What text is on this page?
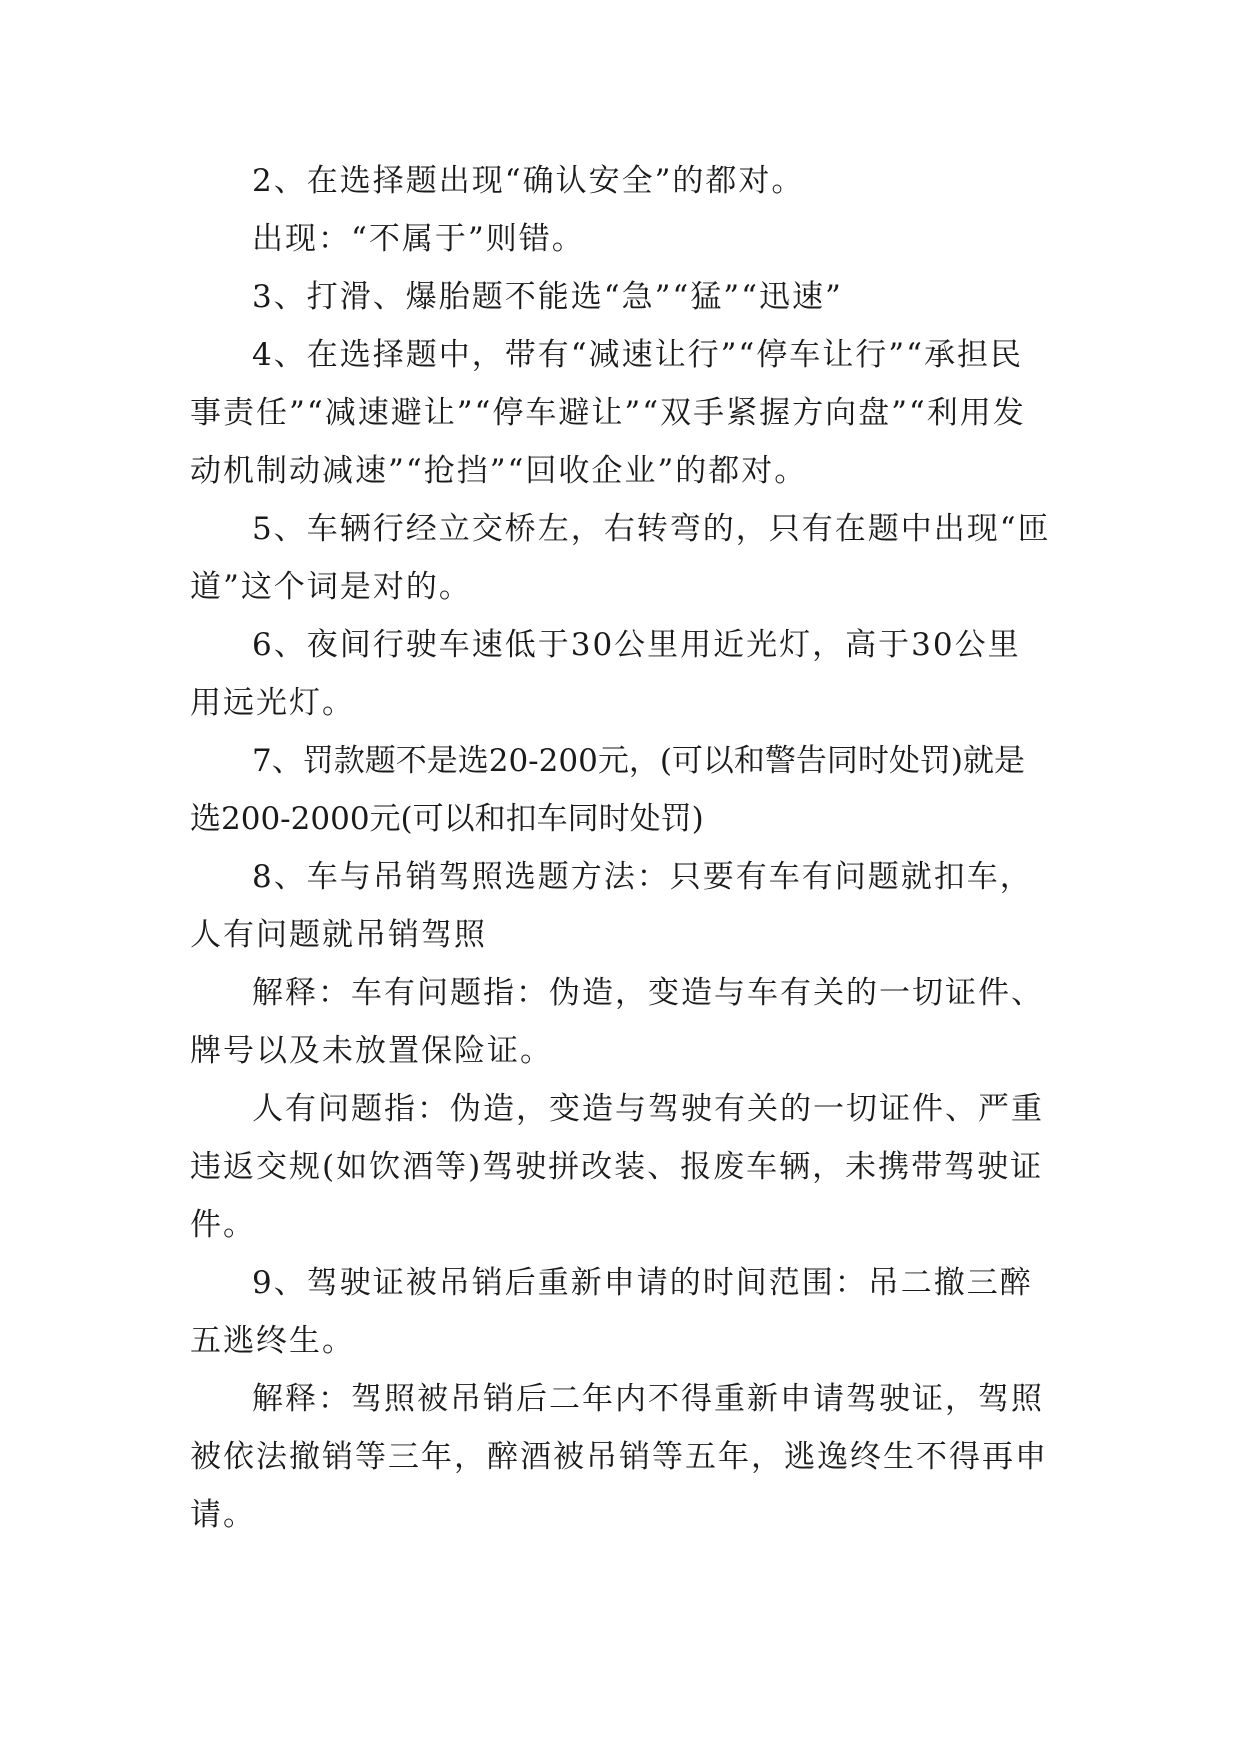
2、在选择题出现“确认安全”的都对。

出现：“不属于”则错。

3、打滑、爆胎题不能选“急”“猛”“迅速”

4、在选择题中，带有“减速让行”“停车让行”“承担民事责任”“减速避让”“停车避让”“双手紧握方向盘”“利用发动机制动减速”“抢挡”“回收企业”的都对。

5、车辆行经立交桥左，右转弯的，只有在题中出现“匝道”这个词是对的。

6、夜间行驶车速低于30公里用近光灯，高于30公里用远光灯。

7、罚款题不是选20-200元，(可以和警告同时处罚)就是选200-2000元(可以和扣车同时处罚)

8、车与吊销驾照选题方法：只要有车有问题就扣车，人有问题就吊销驾照

解释：车有问题指：伪造，变造与车有关的一切证件、牌号以及未放置保险证。

人有问题指：伪造，变造与驾驶有关的一切证件、严重违返交规(如饮酒等)驾驶拼改装、报废车辆，未携带驾驶证件。

9、驾驶证被吊销后重新申请的时间范围：吊二撤三醉五逃终生。

解释：驾照被吊销后二年内不得重新申请驾驶证，驾照被依法撤销等三年，醉酒被吊销等五年，逃逸终生不得再申请。
